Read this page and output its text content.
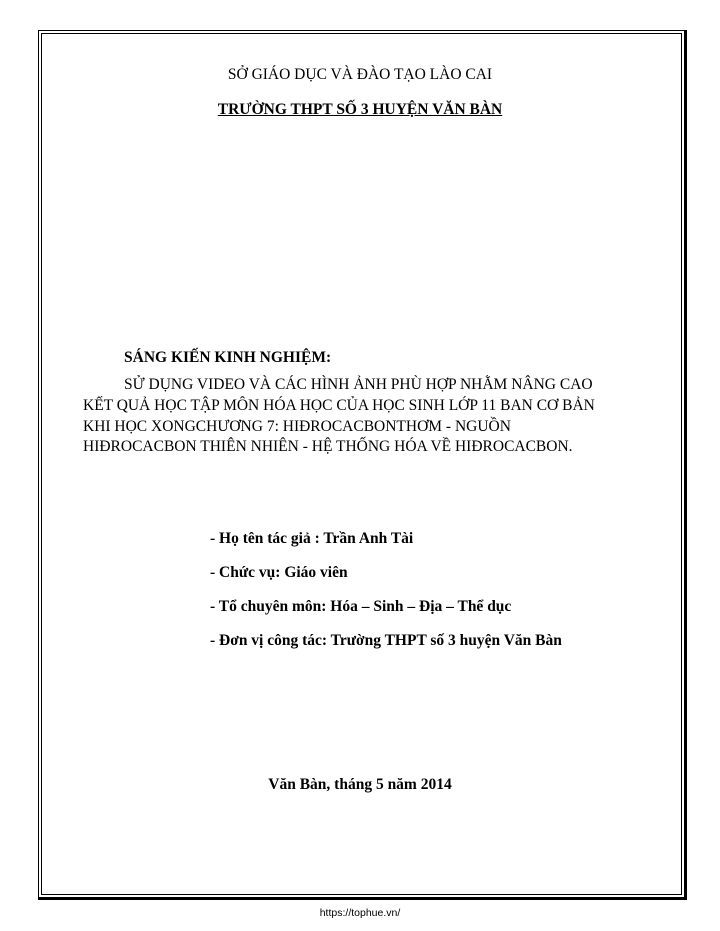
SỞ GIÁO DỤC VÀ ĐÀO TẠO LÀO CAI
TRƯỜNG THPT SỐ 3 HUYỆN VĂN BÀN
SÁNG KIẾN KINH NGHIỆM:
SỬ DỤNG VIDEO VÀ CÁC HÌNH ẢNH PHÙ HỢP NHẰM NÂNG CAO
KẾT QUẢ HỌC TẬP MÔN HÓA HỌC CỦA HỌC SINH LỚP 11 BAN CƠ BẢN
KHI HỌC XONGCHƯƠNG 7: HIĐROCACBONTHƠM - NGUỒN
HIĐROCACBON THIÊN NHIÊN - HỆ THỐNG HÓA VỀ HIĐROCACBON.
- Họ tên tác giả : Trần Anh Tài
- Chức vụ: Giáo viên
- Tổ chuyên môn: Hóa – Sinh – Địa – Thể dục
- Đơn vị công tác: Trường THPT số 3 huyện Văn Bàn
Văn Bàn, tháng 5 năm 2014
https://tophue.vn/
